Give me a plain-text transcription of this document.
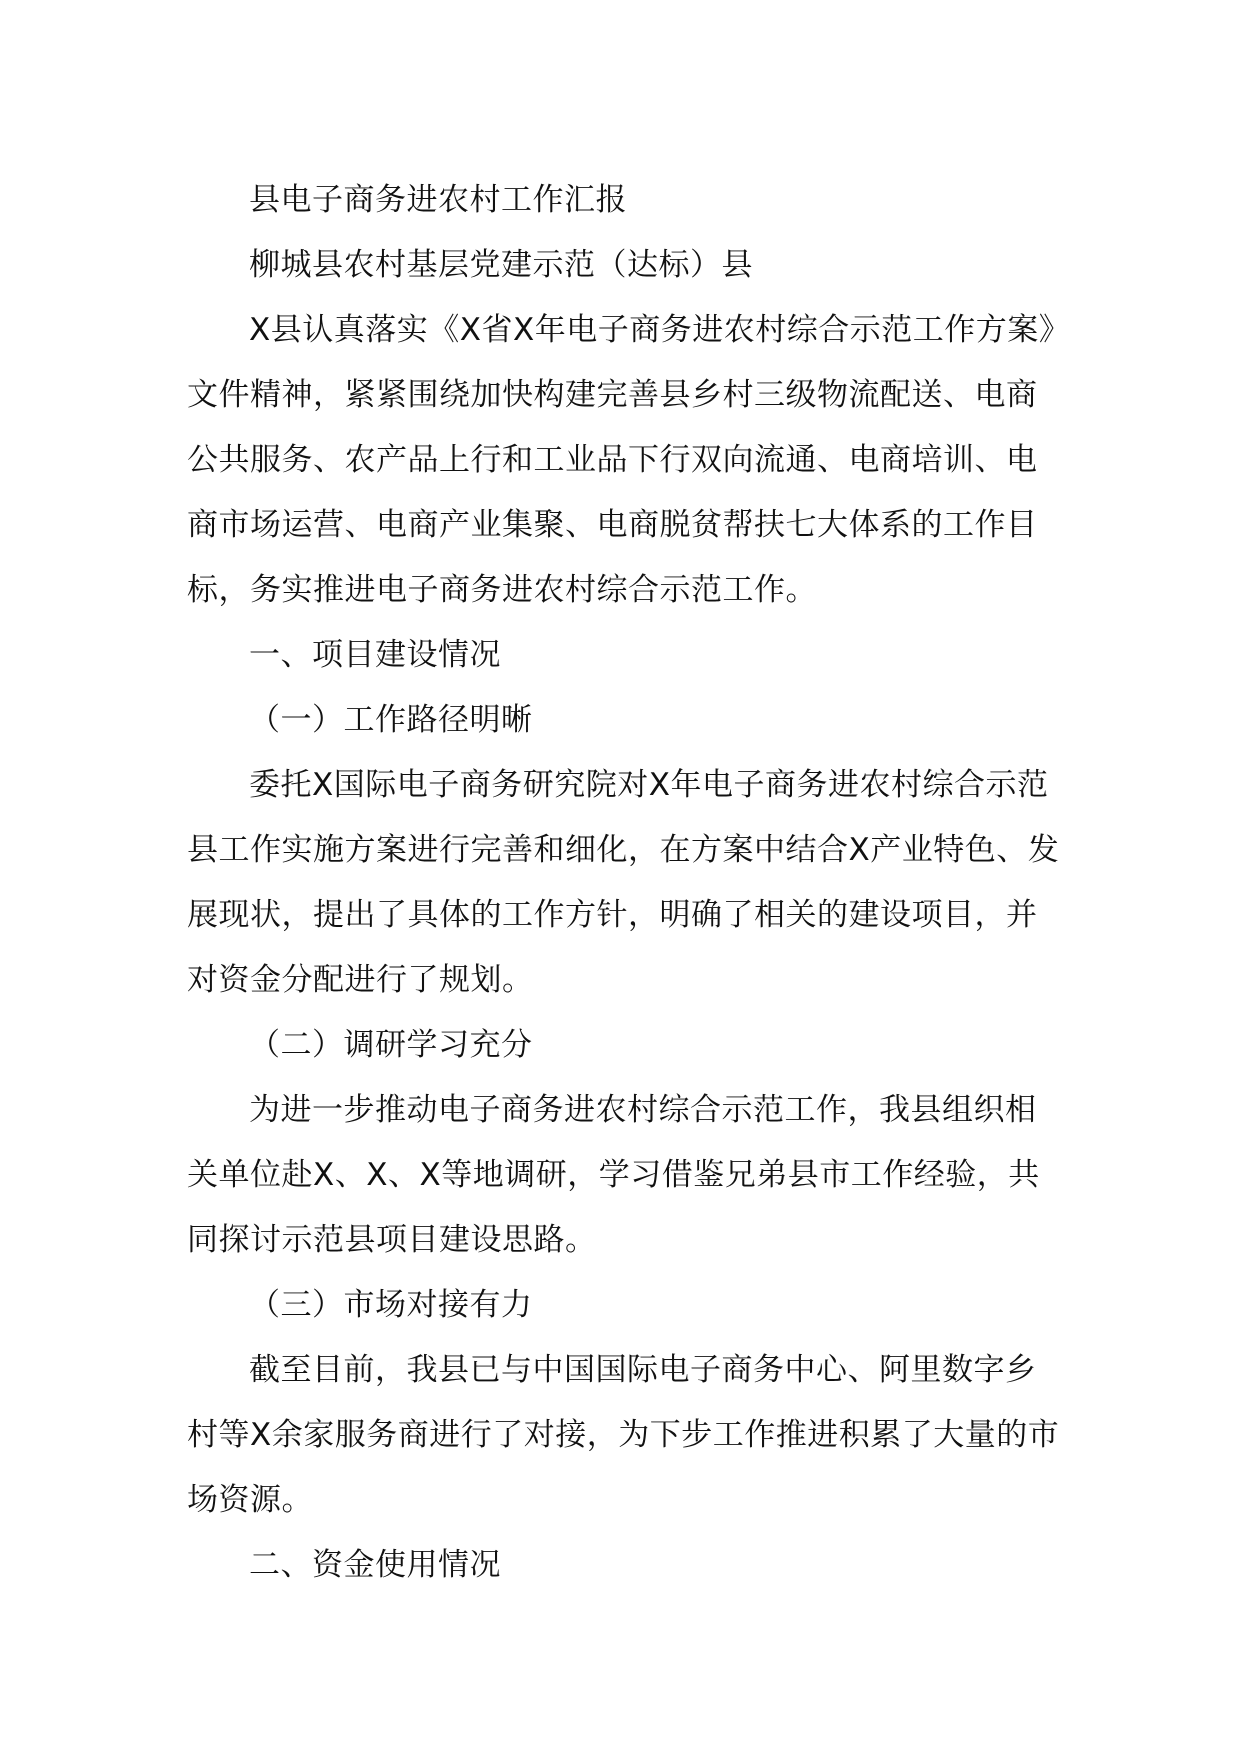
县电子商务进农村工作汇报

柳城县农村基层党建示范（达标）县

X县认真落实《X省X年电子商务进农村综合示范工作方案》文件精神，紧紧围绕加快构建完善县乡村三级物流配送、电商公共服务、农产品上行和工业品下行双向流通、电商培训、电商市场运营、电商产业集聚、电商脱贫帮扶七大体系的工作目标，务实推进电子商务进农村综合示范工作。

一、项目建设情况

（一）工作路径明晰

委托X国际电子商务研究院对X年电子商务进农村综合示范县工作实施方案进行完善和细化，在方案中结合X产业特色、发展现状，提出了具体的工作方针，明确了相关的建设项目，并对资金分配进行了规划。

（二）调研学习充分

为进一步推动电子商务进农村综合示范工作，我县组织相关单位赴X、X、X等地调研，学习借鉴兄弟县市工作经验，共同探讨示范县项目建设思路。

（三）市场对接有力

截至目前，我县已与中国国际电子商务中心、阿里数字乡村等X余家服务商进行了对接，为下步工作推进积累了大量的市场资源。

二、资金使用情况
